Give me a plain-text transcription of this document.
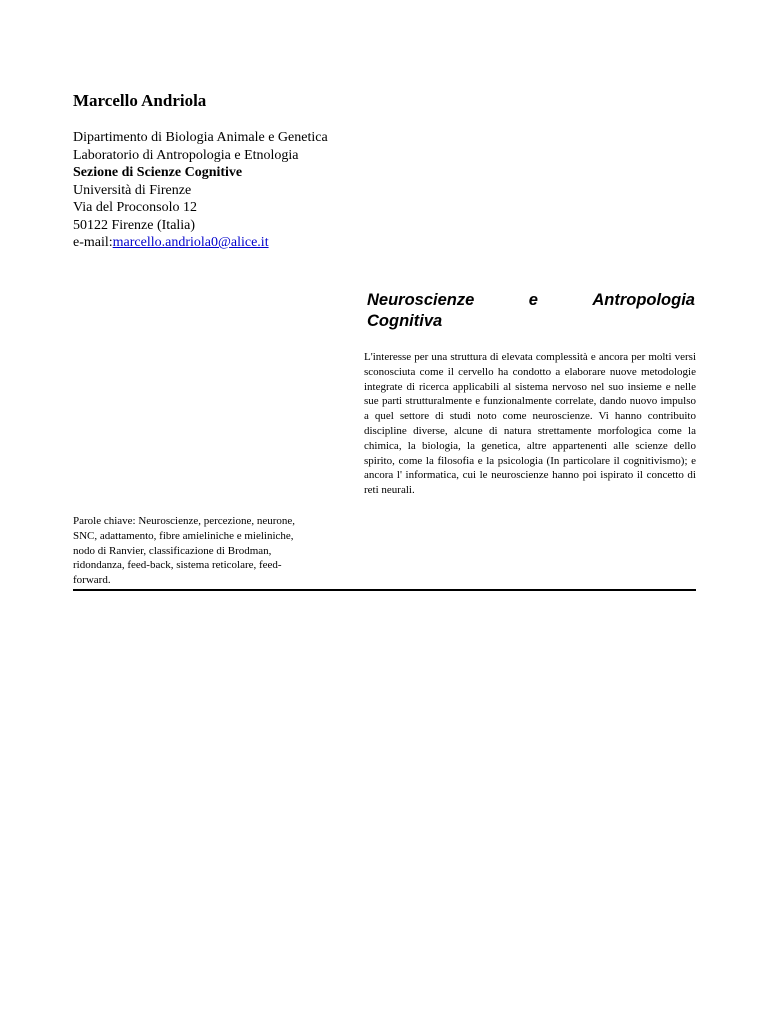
Marcello Andriola
Dipartimento di Biologia Animale e Genetica
Laboratorio di Antropologia e Etnologia
Sezione di Scienze Cognitive
Università di Firenze
Via del Proconsolo 12
50122 Firenze (Italia)
e-mail:marcello.andriola0@alice.it
Neuroscienze	e	Antropologia
Cognitiva

L'interesse per una struttura di elevata complessità e ancora per molti versi sconosciuta come il cervello ha condotto a elaborare nuove metodologie integrate di ricerca applicabili al sistema nervoso nel suo insieme e nelle sue parti strutturalmente e funzionalmente correlate, dando nuovo impulso a quel settore di studi noto come neuroscienze. Vi hanno contribuito discipline diverse, alcune di natura strettamente morfologica come la chimica, la biologia, la genetica, altre appartenenti alle scienze dello spirito, come la filosofia e la psicologia (In particolare il cognitivismo); e ancora l' informatica, cui le neuroscienze hanno poi ispirato il concetto di reti neurali.

Parole chiave: Neuroscienze, percezione, neurone, SNC, adattamento, fibre amieliniche e mieliniche, nodo di Ranvier, classificazione di Brodman, ridondanza, feed-back, sistema reticolare, feed-forward.
